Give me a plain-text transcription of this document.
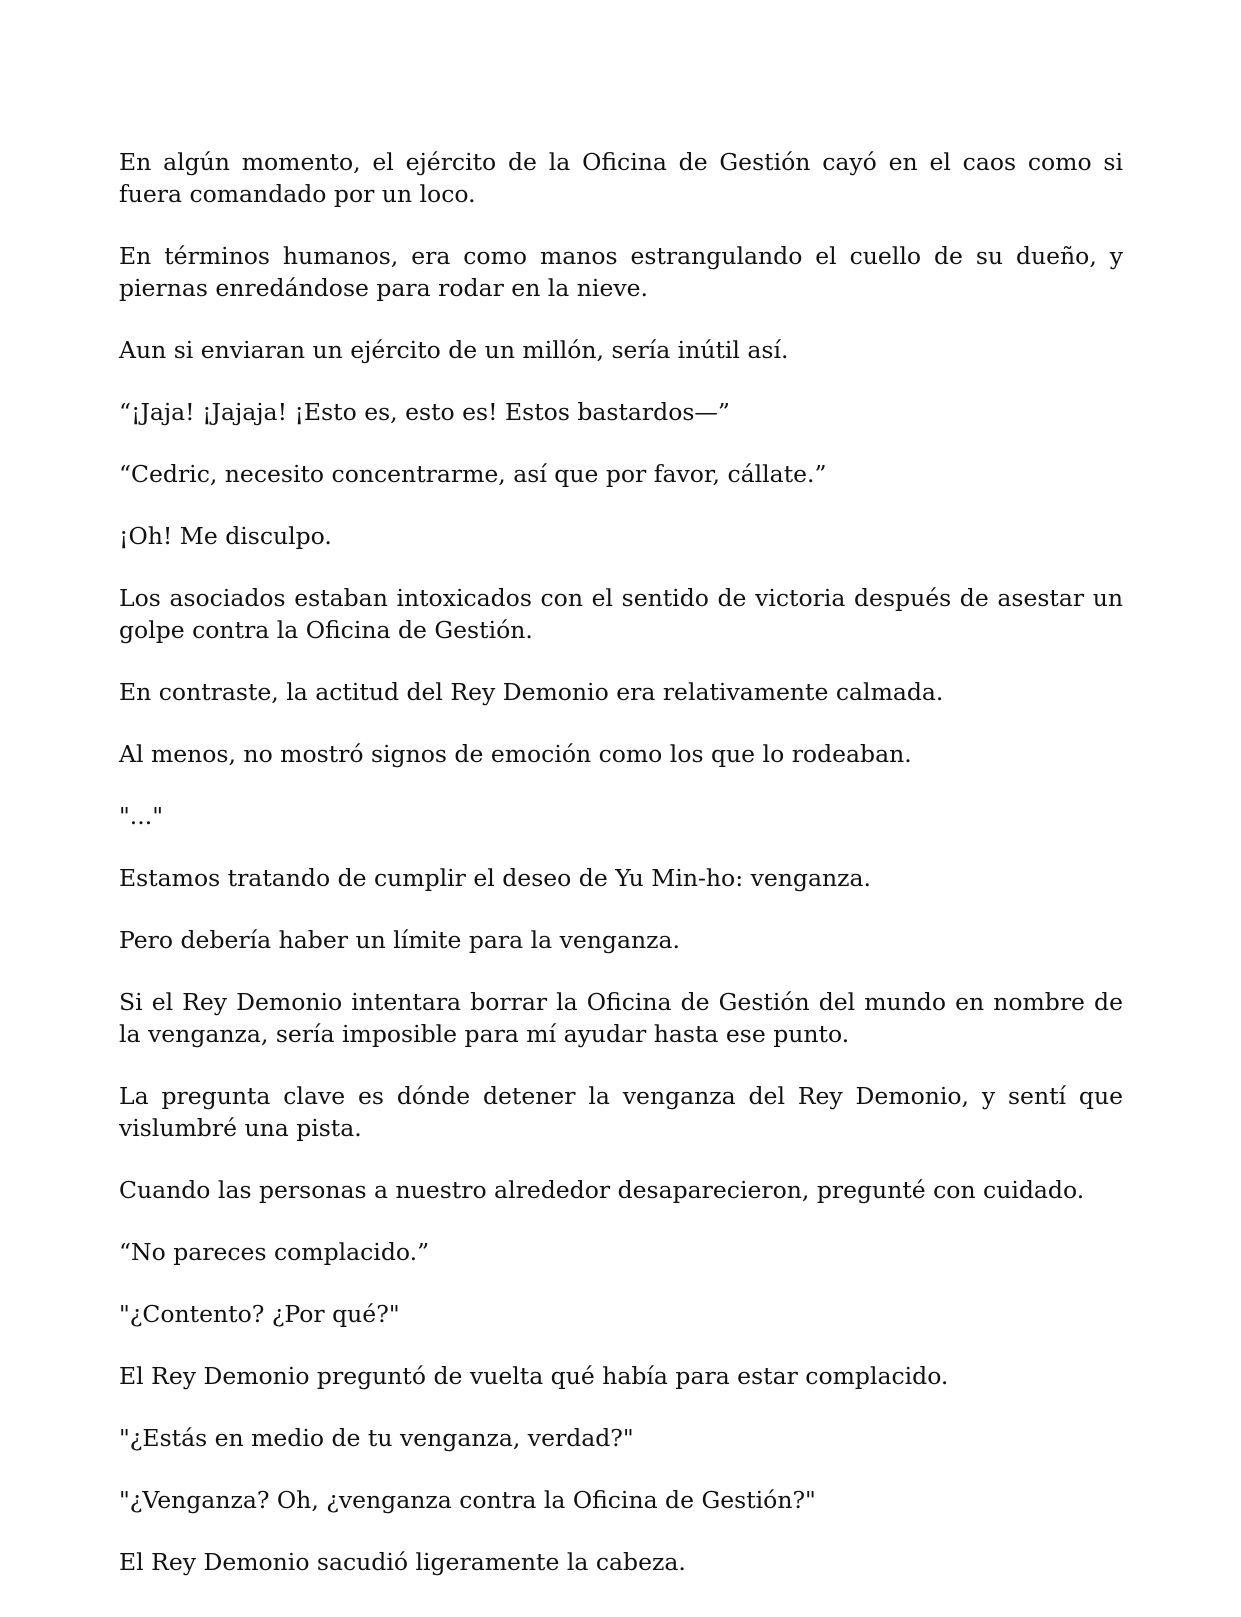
En algún momento, el ejército de la Oficina de Gestión cayó en el caos como si fuera comandado por un loco.

En términos humanos, era como manos estrangulando el cuello de su dueño, y piernas enredándose para rodar en la nieve.

Aun si enviaran un ejército de un millón, sería inútil así.

“¡Jaja! ¡Jajaja! ¡Esto es, esto es! Estos bastardos—”

“Cedric, necesito concentrarme, así que por favor, cállate.”

¡Oh! Me disculpo.

Los asociados estaban intoxicados con el sentido de victoria después de asestar un golpe contra la Oficina de Gestión.

En contraste, la actitud del Rey Demonio era relativamente calmada.

Al menos, no mostró signos de emoción como los que lo rodeaban.

"..."

Estamos tratando de cumplir el deseo de Yu Min-ho: venganza.

Pero debería haber un límite para la venganza.

Si el Rey Demonio intentara borrar la Oficina de Gestión del mundo en nombre de la venganza, sería imposible para mí ayudar hasta ese punto.

La pregunta clave es dónde detener la venganza del Rey Demonio, y sentí que vislumbré una pista.

Cuando las personas a nuestro alrededor desaparecieron, pregunté con cuidado.

“No pareces complacido.”

"¿Contento? ¿Por qué?"

El Rey Demonio preguntó de vuelta qué había para estar complacido.

"¿Estás en medio de tu venganza, verdad?"

"¿Venganza? Oh, ¿venganza contra la Oficina de Gestión?"

El Rey Demonio sacudió ligeramente la cabeza.
